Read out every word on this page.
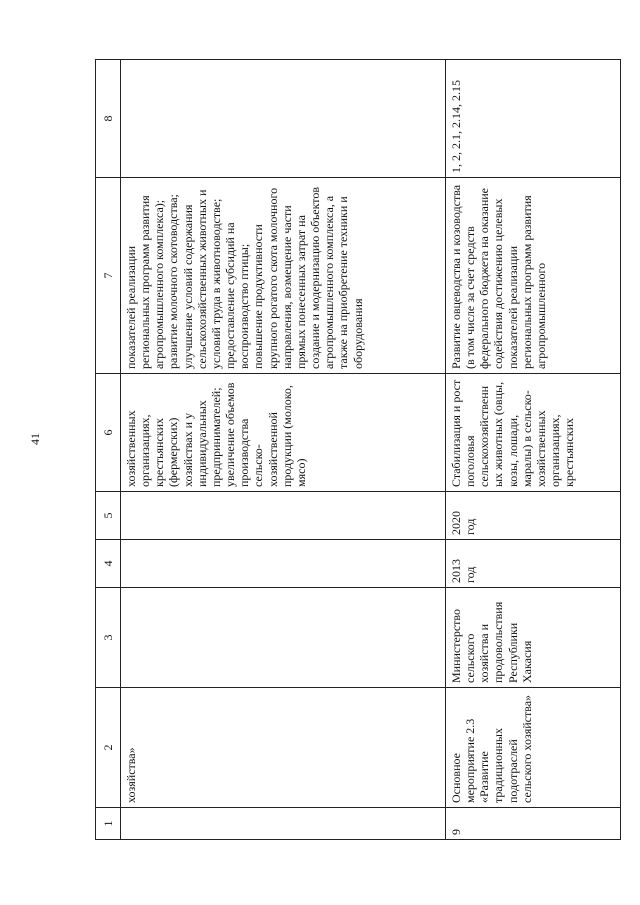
41
1	2	3	4	5	6	7	8
	хозяйства»				хозяйственных организациях, крестьянских (фермерских) хозяйствах и у индивидуальных предпринимателей; увеличение объемов производства сельско-хозяйственной продукции (молоко, мясо)	показателей реализации региональных программ развития агропромышленного комплекса); развитие молочного скотоводства; улучшение условий содержания сельскохозяйственных животных и условий труда в животноводстве; предоставление субсидий на воспроизводство птицы; повышение продуктивности крупного рогатого скота молочного направления, возмещение части прямых понесенных затрат на создание и модернизацию объектов агропромышленного комплекса, а также на приобретение техники и оборудования	
9	Основное мероприятие 2.3 «Развитие традиционных подотраслей сельского хозяйства»	Министерство сельского хозяйства и продовольствия Республики Хакасия	2013 год	2020 год	Стабилизация и рост поголовья сельскохозяйственных животных (овцы, козы, лошади, маралы) в сельско-хозяйственных организациях, крестьянских	Развитие овцеводства и козоводства (в том числе за счет средств федерального бюджета на оказание содействия достижению целевых показателей реализации региональных программ развития агропромышленного	1, 2, 2.1, 2.14, 2.15
